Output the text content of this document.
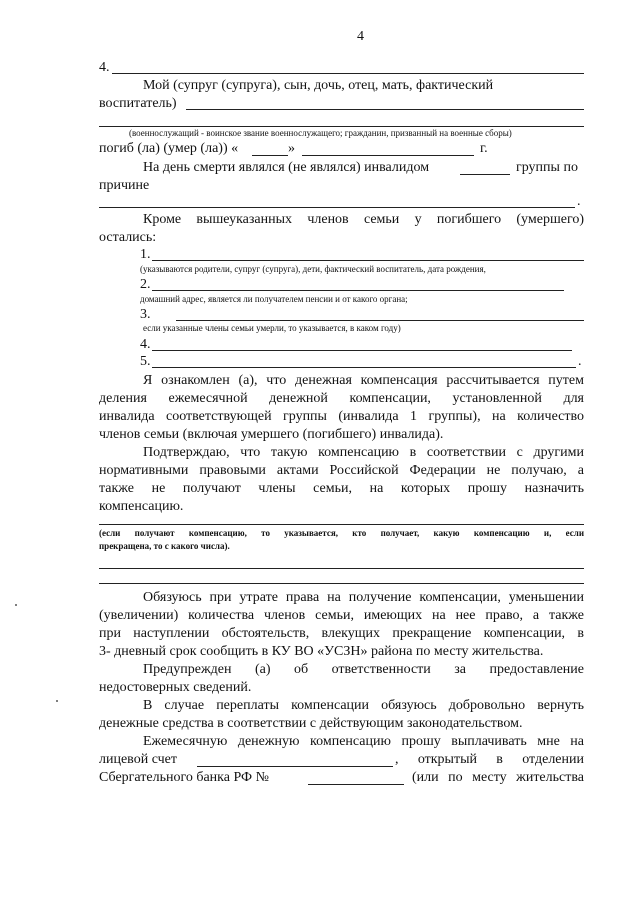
4
4.
Мой (супруг (супруга), сын, дочь, отец, мать, фактический
воспитатель)
(военнослужащий - воинское звание военнослужащего; гражданин, призванный на военные сборы)
погиб (ла) (умер (ла)) «	»	г.
На день смерти являлся (не являлся) инвалидом	группы по
причине
.
Кроме вышеуказанных членов семьи у погибшего (умершего)
остались:
1.
(указываются родители, супруг (супруга), дети, фактический воспитатель, дата рождения,
2.
домашний адрес, является ли получателем пенсии и от какого органа;
3.
если указанные члены семьи умерли, то указывается, в каком году)
4.
5.	.
Я ознакомлен (а), что денежная компенсация рассчитывается путем
деления ежемесячной денежной компенсации, установленной для
инвалида соответствующей группы (инвалида 1 группы), на количество
членов семьи (включая умершего (погибшего) инвалида).
Подтверждаю, что такую компенсацию в соответствии с другими
нормативными правовыми актами Российской Федерации не получаю, а
также не получают члены семьи, на которых прошу назначить
компенсацию.
(если получают компенсацию, то указывается, кто получает, какую компенсацию и, если
прекращена, то с какого числа).
Обязуюсь при утрате права на получение компенсации, уменьшении
(увеличении) количества членов семьи, имеющих на нее право, а также
при наступлении обстоятельств, влекущих прекращение компенсации, в
3- дневный срок сообщить в КУ ВО «УСЗН» района по месту жительства.
Предупрежден (а) об ответственности за предоставление
недостоверных сведений.
В случае переплаты компенсации обязуюсь добровольно вернуть
денежные средства в соответствии с действующим законодательством.
Ежемесячную денежную компенсацию прошу выплачивать мне на
лицевой счет	, открытый в отделении
Сбергательного банка РФ №	(или по месту жительства
